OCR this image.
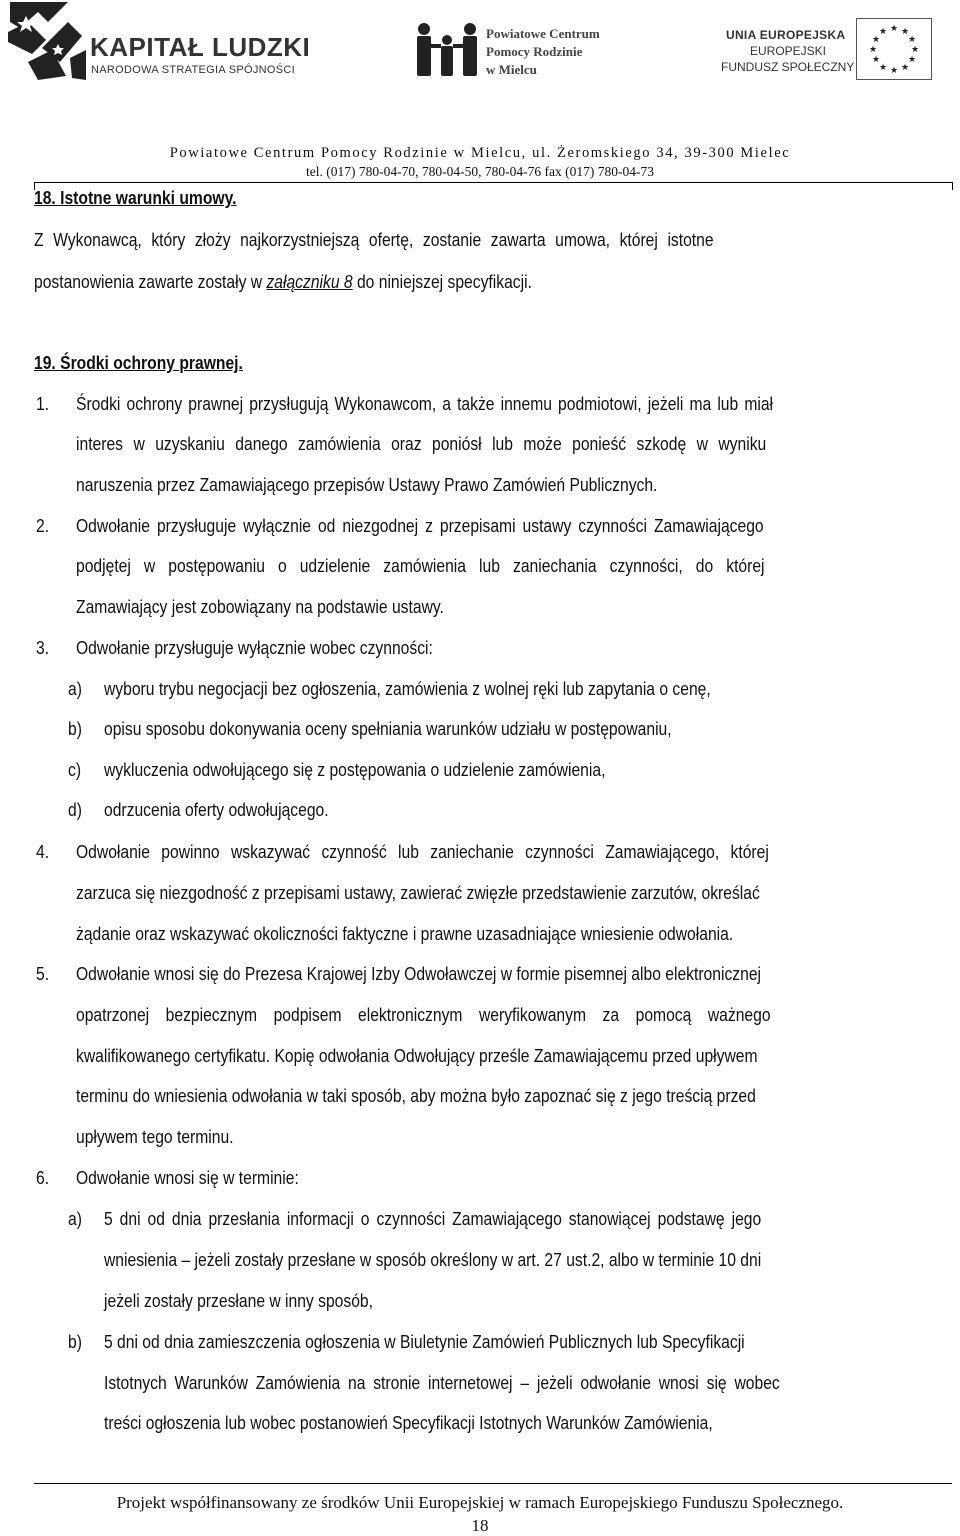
KAPITAŁ LUDZKI
NARODOWA STRATEGIA SPÓJNOŚCI
Powiatowe Centrum
Pomocy Rodzinie
w Mielcu
UNIA EUROPEJSKA
EUROPEJSKI
FUNDUSZ SPOŁECZNY
★ ★
★
★
★
★
★
★
★
★
★
★
Powiatowe Centrum Pomocy Rodzinie w Mielcu, ul. Żeromskiego 34, 39-300 Mielec
tel. (017) 780-04-70, 780-04-50, 780-04-76 fax (017) 780-04-73
18. Istotne warunki umowy.
Z Wykonawcą, który złoży najkorzystniejszą ofertę, zostanie zawarta umowa, której istotne
postanowienia zawarte zostały w załączniku 8 do niniejszej specyfikacji.
19. Środki ochrony prawnej.
1. Środki ochrony prawnej przysługują Wykonawcom, a także innemu podmiotowi, jeżeli ma lub miał
interes w uzyskaniu danego zamówienia oraz poniósł lub może ponieść szkodę w wyniku
naruszenia przez Zamawiającego przepisów Ustawy Prawo Zamówień Publicznych.
2. Odwołanie przysługuje wyłącznie od niezgodnej z przepisami ustawy czynności Zamawiającego
podjętej w postępowaniu o udzielenie zamówienia lub zaniechania czynności, do której
Zamawiający jest zobowiązany na podstawie ustawy.
3. Odwołanie przysługuje wyłącznie wobec czynności:
a) wyboru trybu negocjacji bez ogłoszenia, zamówienia z wolnej ręki lub zapytania o cenę,
b) opisu sposobu dokonywania oceny spełniania warunków udziału w postępowaniu,
c) wykluczenia odwołującego się z postępowania o udzielenie zamówienia,
d) odrzucenia oferty odwołującego.
4. Odwołanie powinno wskazywać czynność lub zaniechanie czynności Zamawiającego, której
zarzuca się niezgodność z przepisami ustawy, zawierać zwięzłe przedstawienie zarzutów, określać
żądanie oraz wskazywać okoliczności faktyczne i prawne uzasadniające wniesienie odwołania.
5. Odwołanie wnosi się do Prezesa Krajowej Izby Odwoławczej w formie pisemnej albo elektronicznej
opatrzonej bezpiecznym podpisem elektronicznym weryfikowanym za pomocą ważnego
kwalifikowanego certyfikatu. Kopię odwołania Odwołujący prześle Zamawiającemu przed upływem
terminu do wniesienia odwołania w taki sposób, aby można było zapoznać się z jego treścią przed
upływem tego terminu.
6. Odwołanie wnosi się w terminie:
a) 5 dni od dnia przesłania informacji o czynności Zamawiającego stanowiącej podstawę jego
wniesienia – jeżeli zostały przesłane w sposób określony w art. 27 ust.2, albo w terminie 10 dni
jeżeli zostały przesłane w inny sposób,
b) 5 dni od dnia zamieszczenia ogłoszenia w Biuletynie Zamówień Publicznych lub Specyfikacji
Istotnych Warunków Zamówienia na stronie internetowej – jeżeli odwołanie wnosi się wobec
treści ogłoszenia lub wobec postanowień Specyfikacji Istotnych Warunków Zamówienia,
Projekt współfinansowany ze środków Unii Europejskiej w ramach Europejskiego Funduszu Społecznego.
18
